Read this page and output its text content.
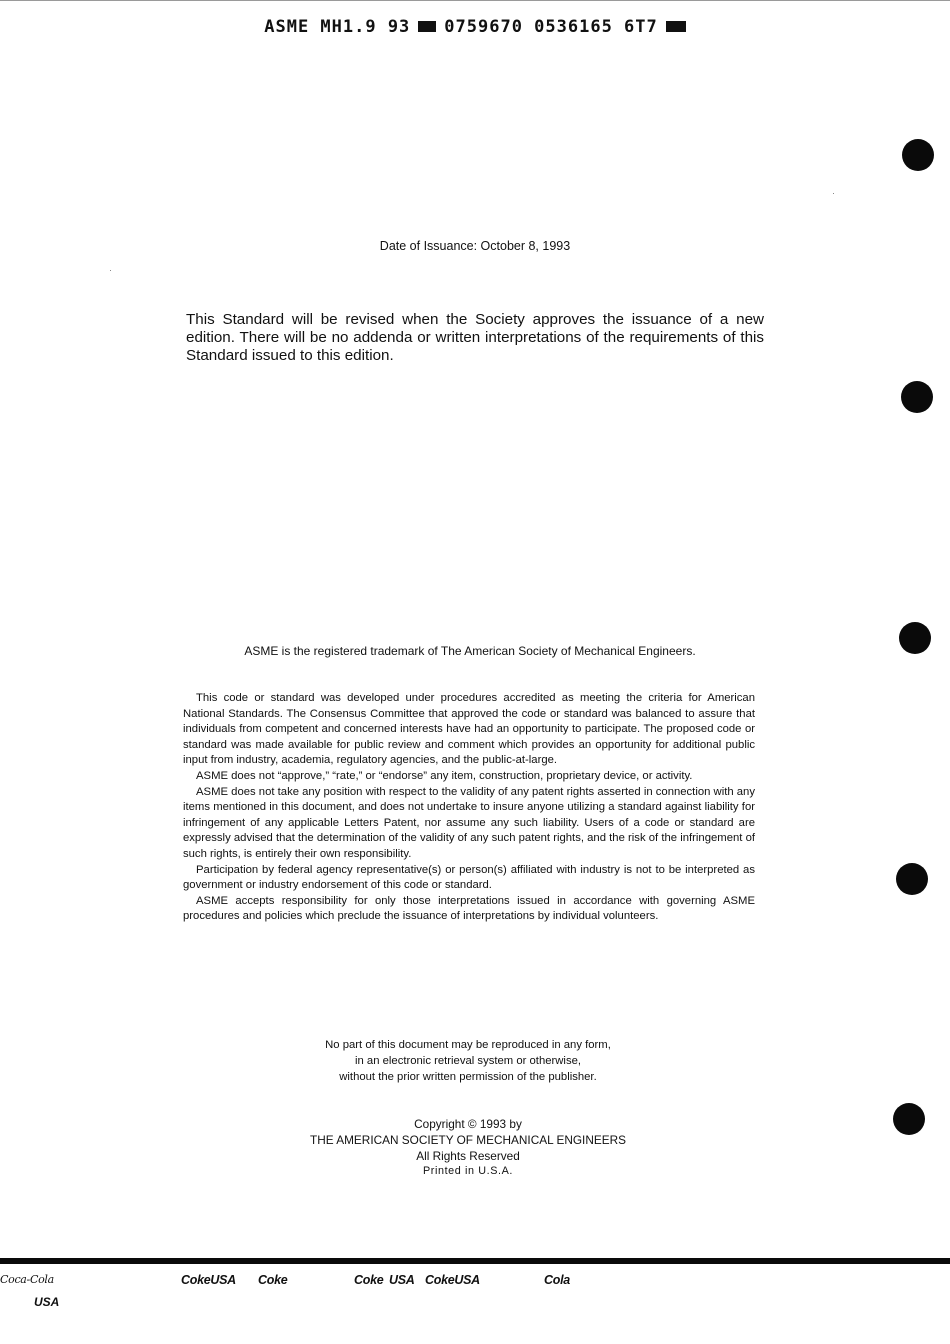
ASME MH1.9 93 0759670 0536165 6T7
Date of Issuance: October 8, 1993
This Standard will be revised when the Society approves the issuance of a new edition. There will be no addenda or written interpretations of the requirements of this Standard issued to this edition.
ASME is the registered trademark of The American Society of Mechanical Engineers.

This code or standard was developed under procedures accredited as meeting the criteria for American National Standards. The Consensus Committee that approved the code or standard was balanced to assure that individuals from competent and concerned interests have had an opportunity to participate. The proposed code or standard was made available for public review and comment which provides an opportunity for additional public input from industry, academia, regulatory agencies, and the public-at-large.

ASME does not “approve,” “rate,” or “endorse” any item, construction, proprietary device, or activity.

ASME does not take any position with respect to the validity of any patent rights asserted in connection with any items mentioned in this document, and does not undertake to insure anyone utilizing a standard against liability for infringement of any applicable Letters Patent, nor assume any such liability. Users of a code or standard are expressly advised that the determination of the validity of any such patent rights, and the risk of the infringement of such rights, is entirely their own responsibility.

Participation by federal agency representative(s) or person(s) affiliated with industry is not to be interpreted as government or industry endorsement of this code or standard.

ASME accepts responsibility for only those interpretations issued in accordance with governing ASME procedures and policies which preclude the issuance of interpretations by individual volunteers.

No part of this document may be reproduced in any form,
in an electronic retrieval system or otherwise,
without the prior written permission of the publisher.
Copyright © 1993 by
THE AMERICAN SOCIETY OF MECHANICAL ENGINEERS
All Rights Reserved
Printed in U.S.A.
Coca-Cola
USA
CokeUSA Coke	Coke USA CokeUSA	Cola
